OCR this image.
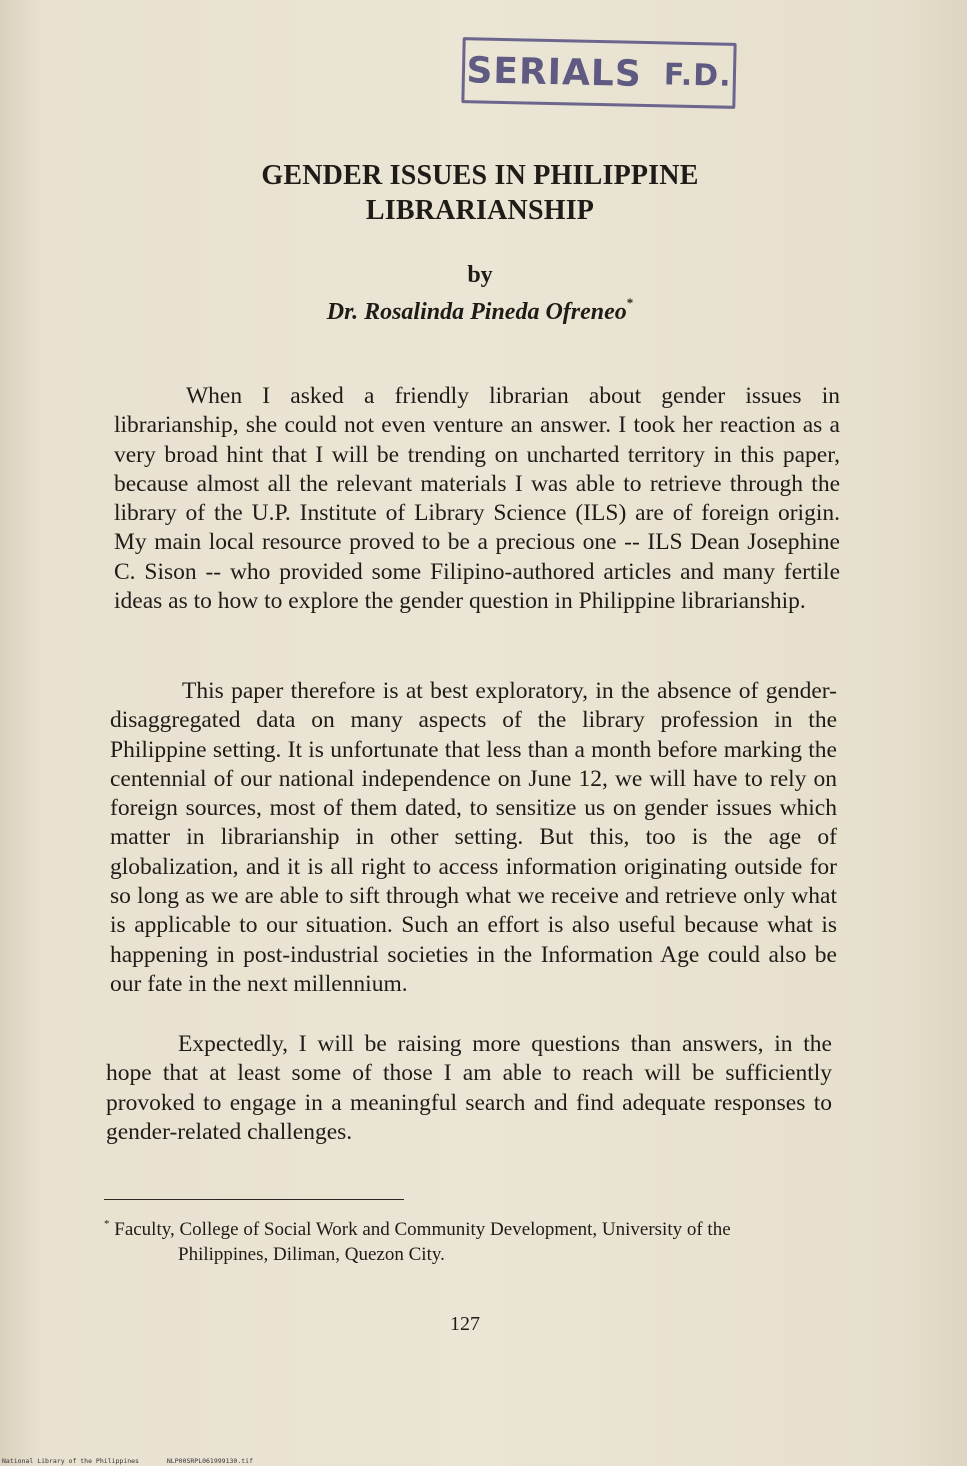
SERIALS F.D.
GENDER ISSUES IN PHILIPPINE
LIBRARIANSHIP
by
Dr. Rosalinda Pineda Ofreneo*

When I asked a friendly librarian about gender issues in librarianship, she could not even venture an answer. I took her reaction as a very broad hint that I will be trending on uncharted territory in this paper, because almost all the relevant materials I was able to retrieve through the library of the U.P. Institute of Library Science (ILS) are of foreign origin. My main local resource proved to be a precious one -- ILS Dean Josephine C. Sison -- who provided some Filipino-authored articles and many fertile ideas as to how to explore the gender question in Philippine librarianship.

This paper therefore is at best exploratory, in the absence of gender-disaggregated data on many aspects of the library profession in the Philippine setting. It is unfortunate that less than a month before marking the centennial of our national independence on June 12, we will have to rely on foreign sources, most of them dated, to sensitize us on gender issues which matter in librarianship in other setting. But this, too is the age of globalization, and it is all right to access information originating outside for so long as we are able to sift through what we receive and retrieve only what is applicable to our situation. Such an effort is also useful because what is happening in post-industrial societies in the Information Age could also be our fate in the next millennium.

Expectedly, I will be raising more questions than answers, in the hope that at least some of those I am able to reach will be sufficiently provoked to engage in a meaningful search and find adequate responses to gender-related challenges.

* Faculty, College of Social Work and Community Development, University of the
Philippines, Diliman, Quezon City.
127
National Library of the Philippines	NLP00SRPL061999130.tif
